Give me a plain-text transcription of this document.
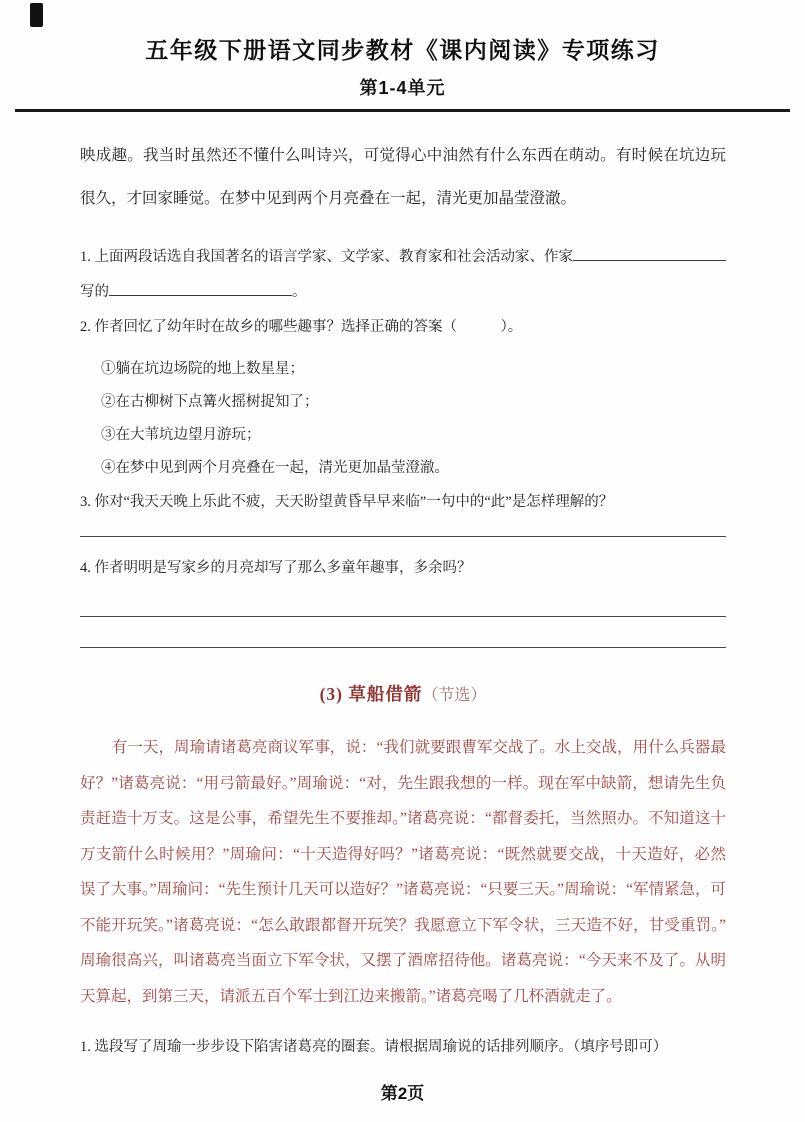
五年级下册语文同步教材《课内阅读》专项练习
第1-4单元

映成趣。我当时虽然还不懂什么叫诗兴，可觉得心中油然有什么东西在萌动。有时候在坑边玩很久，才回家睡觉。在梦中见到两个月亮叠在一起，清光更加晶莹澄澈。

1. 上面两段话选自我国著名的语言学家、文学家、教育家和社会活动家、作家
写的	。
2. 作者回忆了幼年时在故乡的哪些趣事？选择正确的答案（　　　）。
①躺在坑边场院的地上数星星；
②在古柳树下点篝火摇树捉知了；
③在大苇坑边望月游玩；
④在梦中见到两个月亮叠在一起，清光更加晶莹澄澈。
3. 你对“我天天晚上乐此不疲，天天盼望黄昏早早来临”一句中的“此”是怎样理解的？
4. 作者明明是写家乡的月亮却写了那么多童年趣事，多余吗？
(3) 草船借箭（节选）

有一天，周瑜请诸葛亮商议军事，说：“我们就要跟曹军交战了。水上交战，用什么兵器最好？”诸葛亮说：“用弓箭最好。”周瑜说：“对，先生跟我想的一样。现在军中缺箭，想请先生负责赶造十万支。这是公事，希望先生不要推却。”诸葛亮说：“都督委托，当然照办。不知道这十万支箭什么时候用？”周瑜问：“十天造得好吗？”诸葛亮说：“既然就要交战，十天造好，必然误了大事。”周瑜问：“先生预计几天可以造好？”诸葛亮说：“只要三天。”周瑜说：“军情紧急，可不能开玩笑。”诸葛亮说：“怎么敢跟都督开玩笑？我愿意立下军令状，三天造不好，甘受重罚。”周瑜很高兴，叫诸葛亮当面立下军令状，又摆了酒席招待他。诸葛亮说：“今天来不及了。从明天算起，到第三天，请派五百个军士到江边来搬箭。”诸葛亮喝了几杯酒就走了。

1. 选段写了周瑜一步步设下陷害诸葛亮的圈套。请根据周瑜说的话排列顺序。（填序号即可）
第2页
